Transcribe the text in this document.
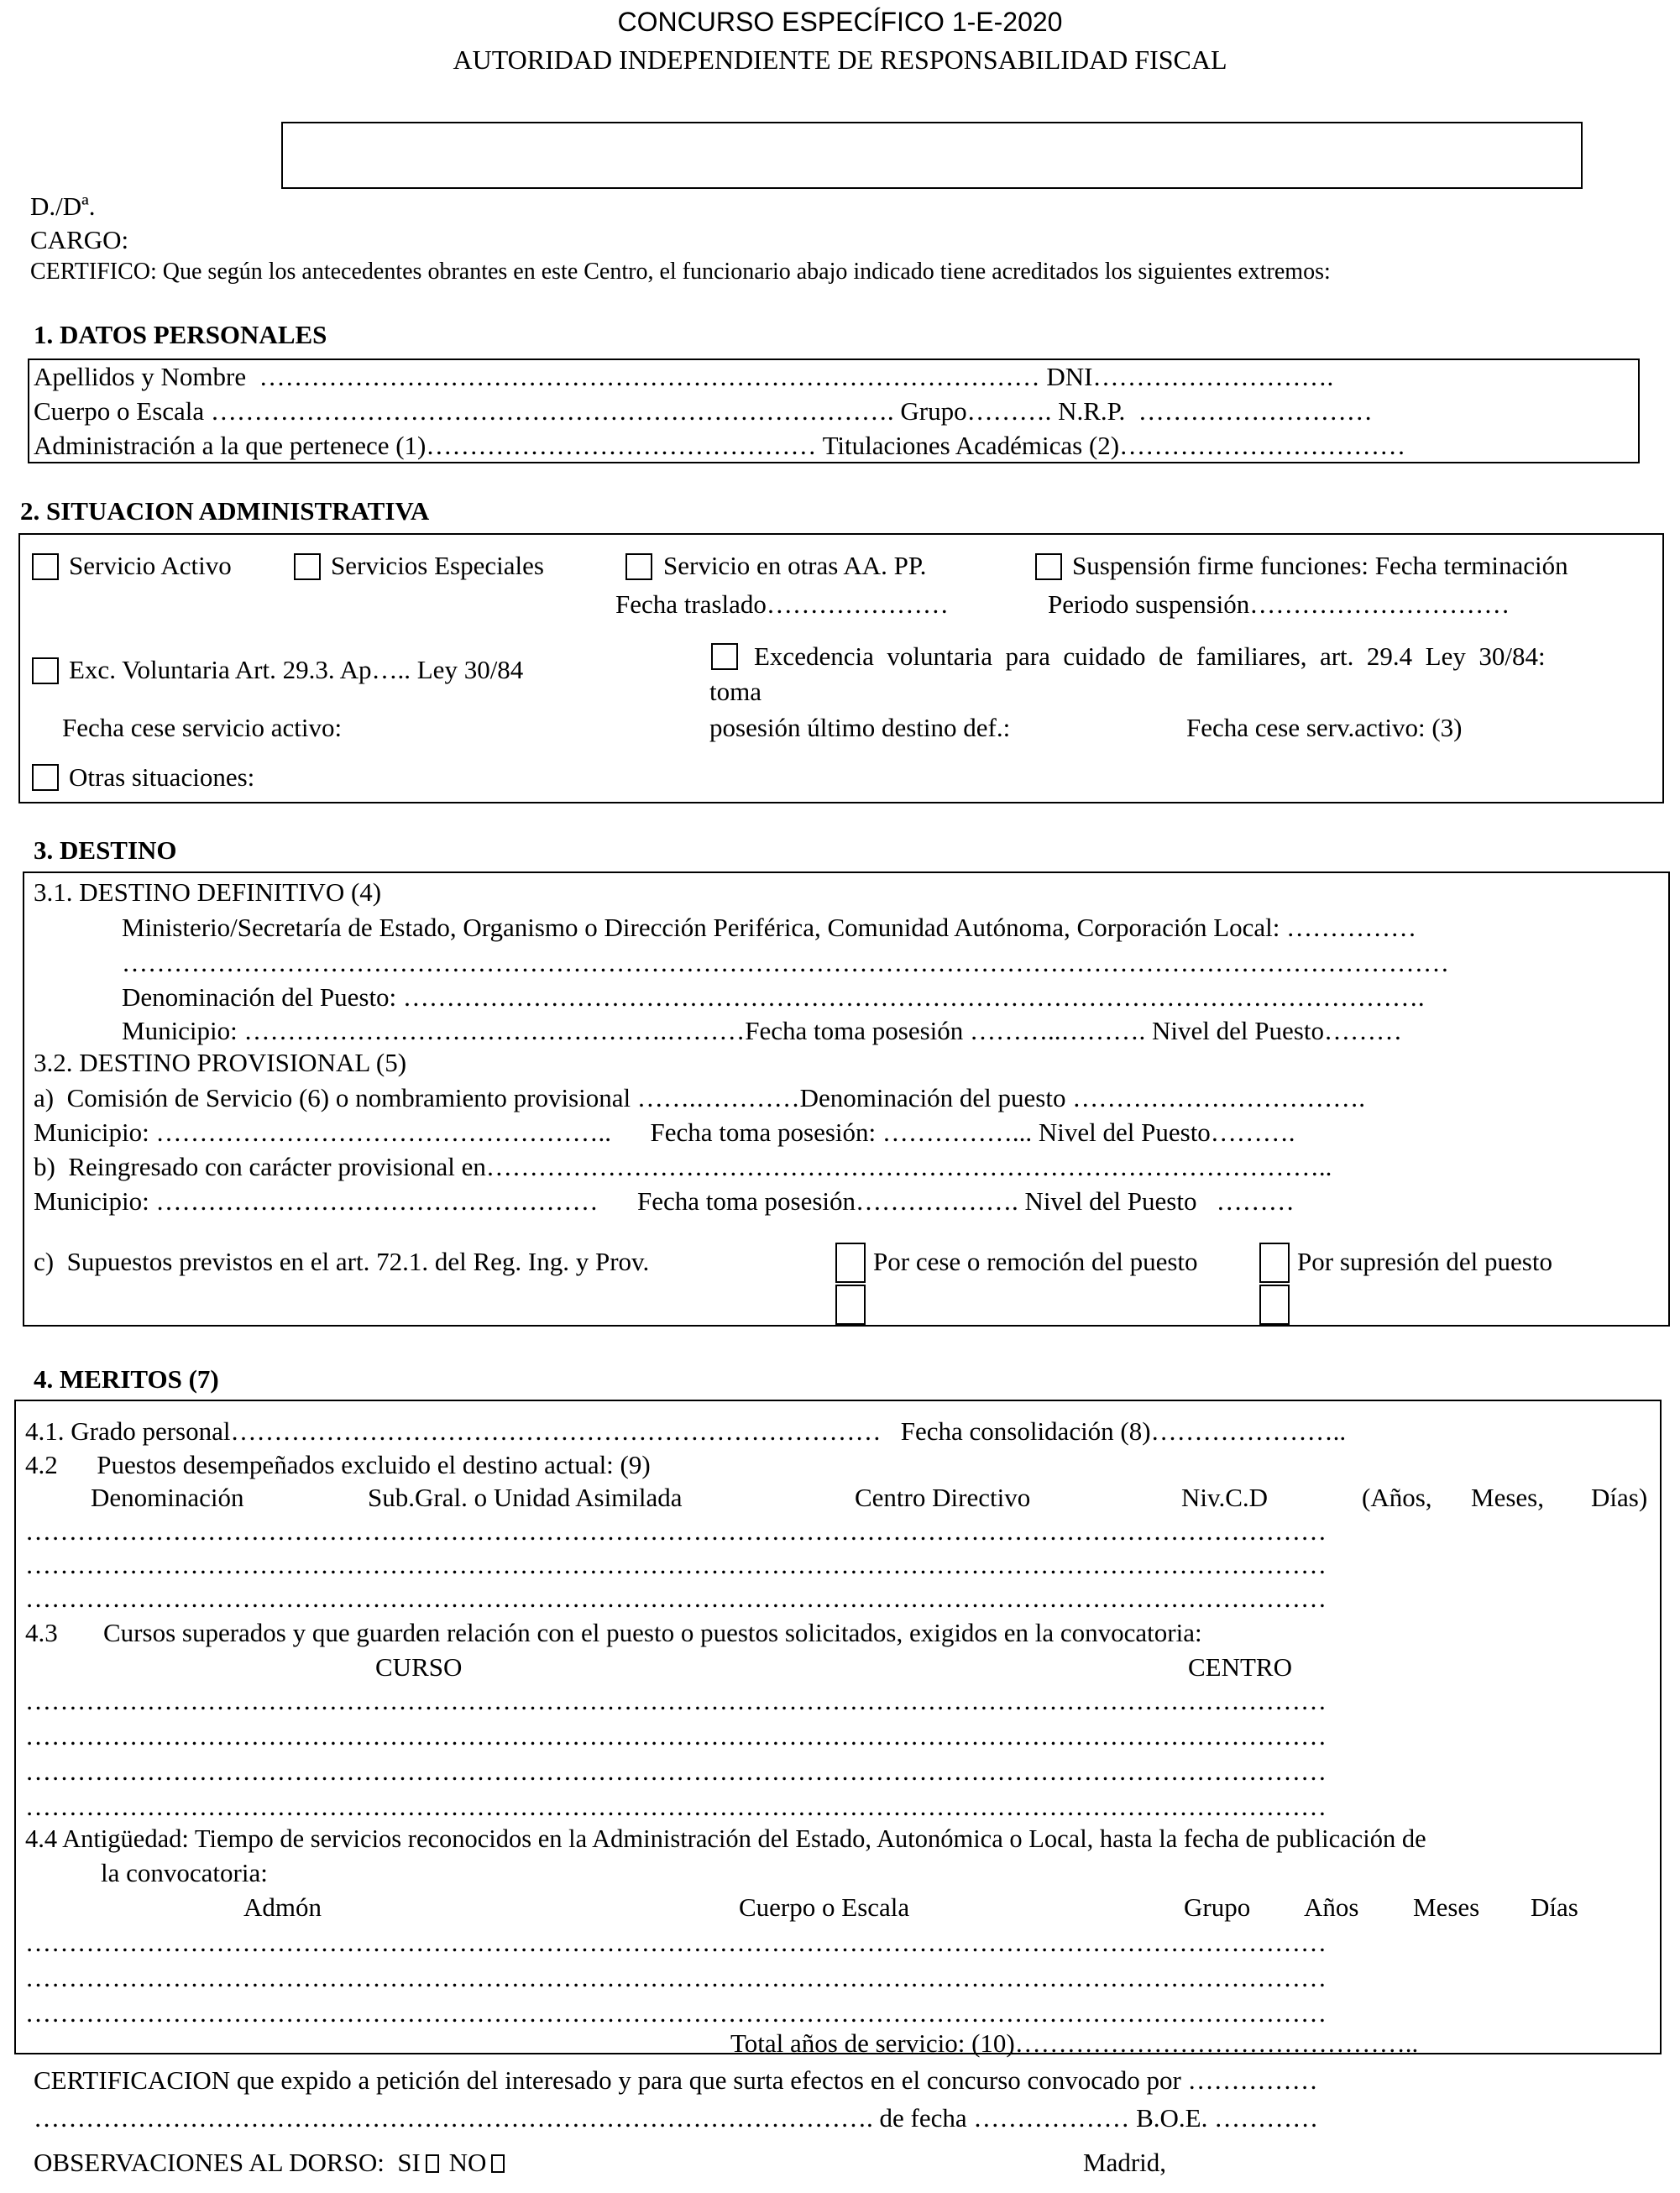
CONCURSO ESPECÍFICO 1-E-2020
AUTORIDAD INDEPENDIENTE DE RESPONSABILIDAD FISCAL
D./Dª.
CARGO:
CERTIFICO: Que según los antecedentes obrantes en este Centro, el funcionario abajo indicado tiene acreditados los siguientes extremos:
1. DATOS PERSONALES
Apellidos y Nombre  ……………………………………………………………………………… DNI……………………….
Cuerpo o Escala ……………………………………………………………………. Grupo………. N.R.P.  ………………………
Administración a la que pertenece (1)……………………………………… Titulaciones Académicas (2)……………………………
2. SITUACION ADMINISTRATIVA
Servicio Activo	Servicios Especiales	Servicio en otras AA. PP.	Suspensión firme funciones: Fecha terminación
Fecha traslado…………………	Periodo suspensión…………………………
Exc. Voluntaria Art. 29.3. Ap….. Ley 30/84	Excedencia  voluntaria  para  cuidado  de  familiares,  art.  29.4  Ley  30/84:
toma
Fecha cese servicio activo:	posesión último destino def.:	Fecha cese serv.activo: (3)
Otras situaciones:
3. DESTINO
3.1. DESTINO DEFINITIVO (4)
Ministerio/Secretaría de Estado, Organismo o Dirección Periférica, Comunidad Autónoma, Corporación Local: ……………
………………………………………………………………………………………………………………………………………
Denominación del Puesto: ……………………………………………………………………………………………………….
Municipio: ………………………………………….………Fecha toma posesión ………..………. Nivel del Puesto………
3.2. DESTINO PROVISIONAL (5)
a)  Comisión de Servicio (6) o nombramiento provisional …….…………Denominación del puesto …………………………….
Municipio: ……………………………………………..      Fecha toma posesión: ……………... Nivel del Puesto……….
b)  Reingresado con carácter provisional en……………………………………………………………………………………..
Municipio: ……………………………………………      Fecha toma posesión………………. Nivel del Puesto   ………
c)  Supuestos previstos en el art. 72.1. del Reg. Ing. y Prov.	Por cese o remoción del puesto	Por supresión del puesto
4. MERITOS (7)
4.1. Grado personal…………………………………………………………………   Fecha consolidación (8)…………………..
4.2      Puestos desempeñados excluido el destino actual: (9)
Denominación	Sub.Gral. o Unidad Asimilada	Centro Directivo	Niv.C.D	(Años, Meses, Días)
……………………………………………………………………………………………………………………………………
……………………………………………………………………………………………………………………………………
……………………………………………………………………………………………………………………………………
4.3       Cursos superados y que guarden relación con el puesto o puestos solicitados, exigidos en la convocatoria:
CURSO	CENTRO
……………………………………………………………………………………………………………………………………
……………………………………………………………………………………………………………………………………
……………………………………………………………………………………………………………………………………
……………………………………………………………………………………………………………………………………
4.4 Antigüedad: Tiempo de servicios reconocidos en la Administración del Estado, Autonómica o Local, hasta la fecha de publicación de
la convocatoria:
Admón	Cuerpo o Escala	Grupo Años Meses Días
……………………………………………………………………………………………………………………………………
……………………………………………………………………………………………………………………………………
……………………………………………………………………………………………………………………………………
Total años de servicio: (10)………………………………………..
CERTIFICACION que expido a petición del interesado y para que surta efectos en el concurso convocado por ……………
……………………………………………………………………………………. de fecha ……………… B.O.E. …………
OBSERVACIONES AL DORSO:  SI NO	Madrid,
